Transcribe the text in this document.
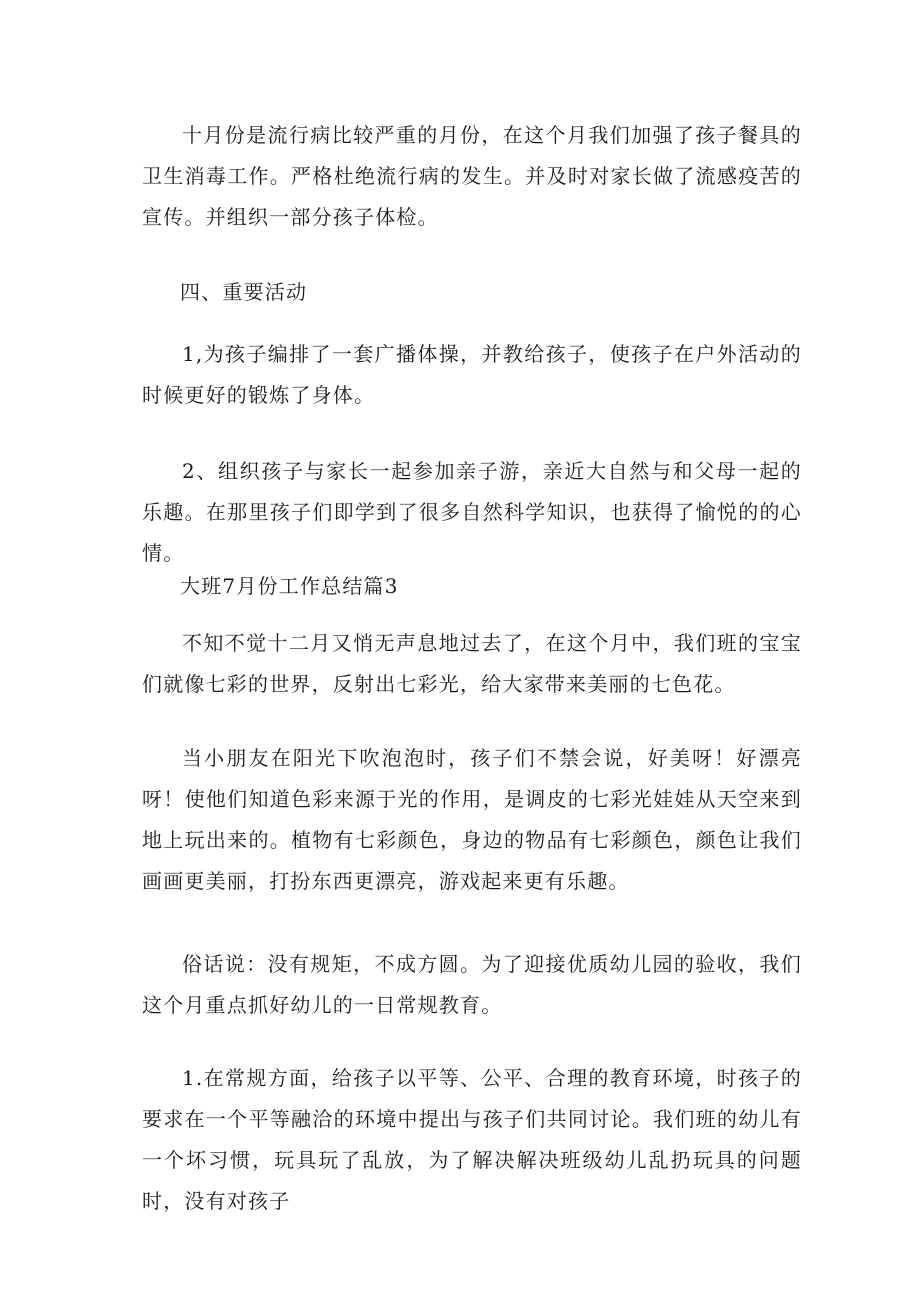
十月份是流行病比较严重的月份，在这个月我们加强了孩子餐具的卫生消毒工作。严格杜绝流行病的发生。并及时对家长做了流感疫苦的宣传。并组织一部分孩子体检。

四、重要活动

1,为孩子编排了一套广播体操，并教给孩子，使孩子在户外活动的时候更好的锻炼了身体。

2、组织孩子与家长一起参加亲子游，亲近大自然与和父母一起的乐趣。在那里孩子们即学到了很多自然科学知识，也获得了愉悦的的心情。

大班7月份工作总结篇3

不知不觉十二月又悄无声息地过去了，在这个月中，我们班的宝宝们就像七彩的世界，反射出七彩光，给大家带来美丽的七色花。

当小朋友在阳光下吹泡泡时，孩子们不禁会说，好美呀！好漂亮呀！使他们知道色彩来源于光的作用，是调皮的七彩光娃娃从天空来到地上玩出来的。植物有七彩颜色，身边的物品有七彩颜色，颜色让我们画画更美丽，打扮东西更漂亮，游戏起来更有乐趣。

俗话说：没有规矩，不成方圆。为了迎接优质幼儿园的验收，我们这个月重点抓好幼儿的一日常规教育。

1.在常规方面，给孩子以平等、公平、合理的教育环境，时孩子的要求在一个平等融洽的环境中提出与孩子们共同讨论。我们班的幼儿有一个坏习惯，玩具玩了乱放，为了解决解决班级幼儿乱扔玩具的问题时，没有对孩子
